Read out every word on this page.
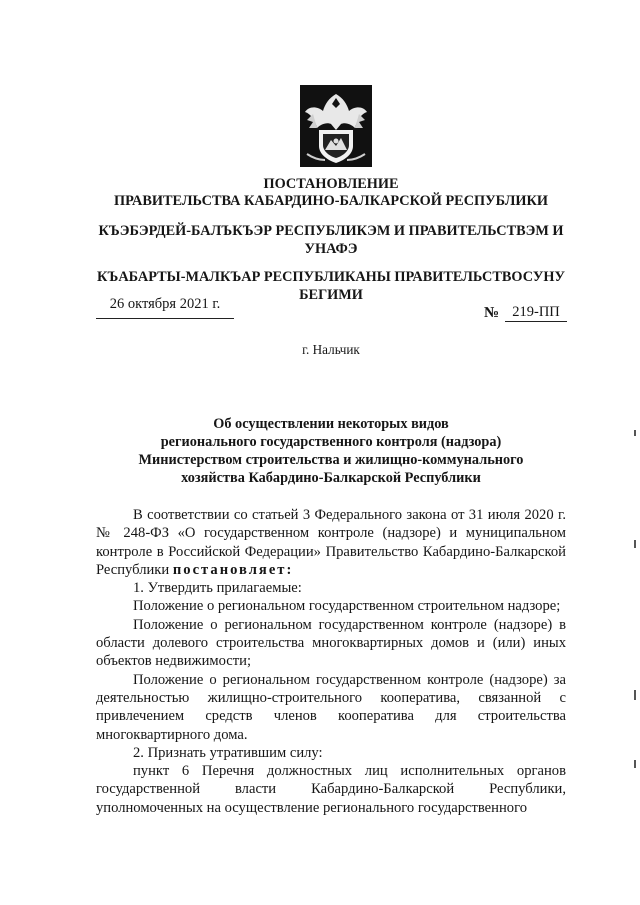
ПОСТАНОВЛЕНИЕ
ПРАВИТЕЛЬСТВА КАБАРДИНО-БАЛКАРСКОЙ РЕСПУБЛИКИ
КЪЭБЭРДЕЙ-БАЛЪКЪЭР РЕСПУБЛИКЭМ И ПРАВИТЕЛЬСТВЭМ И УНАФЭ
КЪАБАРТЫ-МАЛКЪАР РЕСПУБЛИКАНЫ ПРАВИТЕЛЬСТВОСУНУ БЕГИМИ
26 октября 2021 г.
№ 219-ПП
г. Нальчик
Об осуществлении некоторых видов
регионального государственного контроля (надзора)
Министерством строительства и жилищно-коммунального
хозяйства Кабардино-Балкарской Республики

В соответствии со статьей 3 Федерального закона от 31 июля 2020 г. № 248-ФЗ «О государственном контроле (надзоре) и муниципальном контроле в Российской Федерации» Правительство Кабардино-Балкарской Республики постановляет:

1. Утвердить прилагаемые:

Положение о региональном государственном строительном надзоре;

Положение о региональном государственном контроле (надзоре) в области долевого строительства многоквартирных домов и (или) иных объектов недвижимости;

Положение о региональном государственном контроле (надзоре) за деятельностью жилищно-строительного кооператива, связанной с привлечением средств членов кооператива для строительства многоквартирного дома.

2. Признать утратившим силу:

пункт 6 Перечня должностных лиц исполнительных органов государственной власти Кабардино-Балкарской Республики, уполномоченных на осуществление регионального государственного
